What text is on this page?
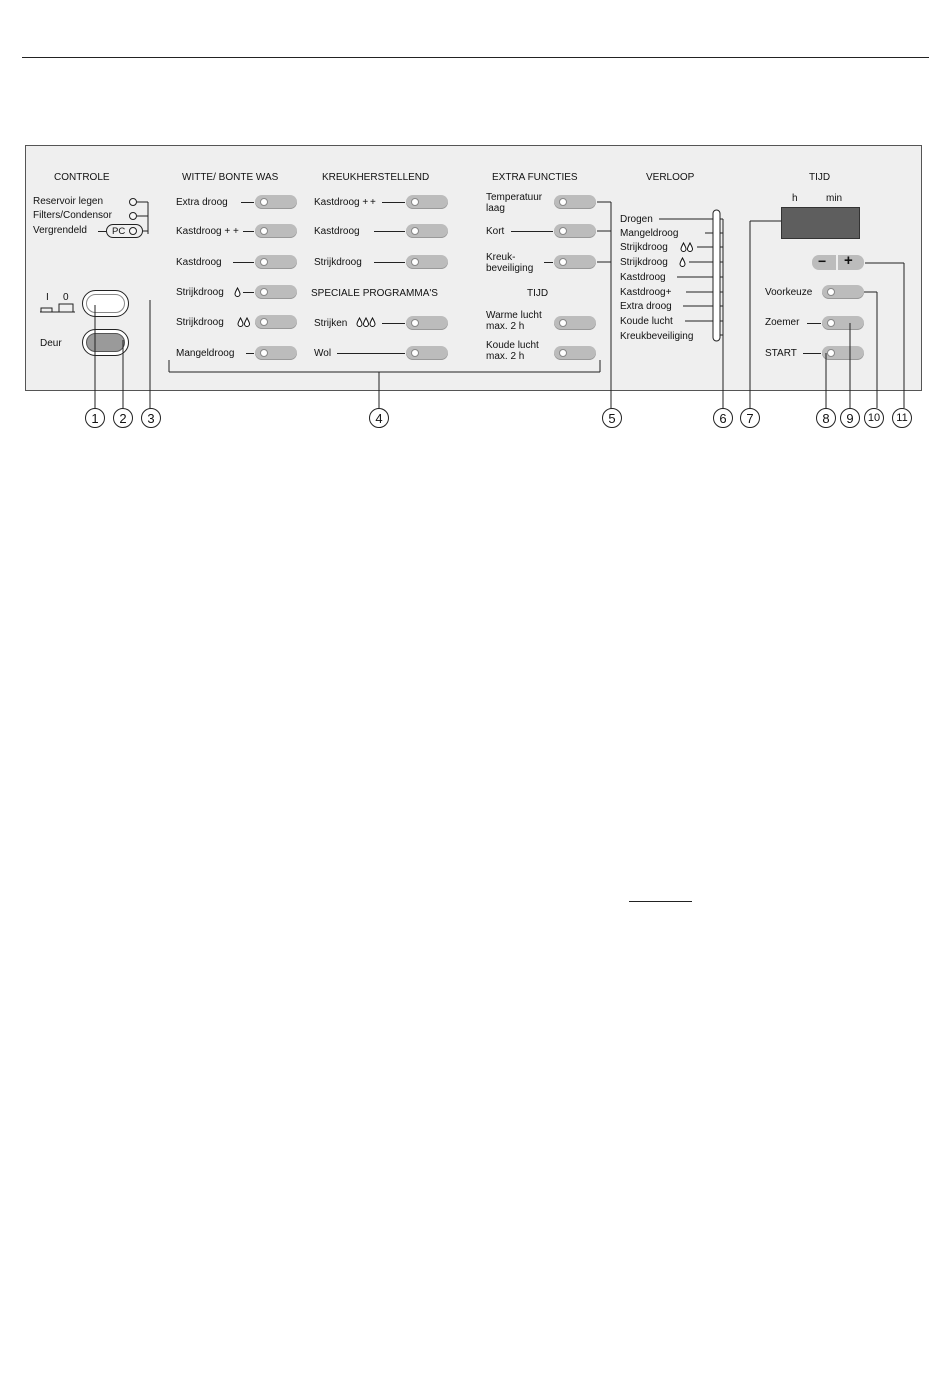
CONTROLE	WITTE/ BONTE WAS	KREUKHERSTELLEND	EXTRA FUNCTIES	VERLOOP	TIJD
SPECIALE PROGRAMMA'S	TIJD
Reservoir legen
Filters/Condensor
Vergrendeld	PC
I 0
Deur
Extra droog
Kastdroog + +
Kastdroog
Strijkdroog
Strijkdroog
Mangeldroog
Kastdroog + +
Kastdroog
Strijkdroog
Strijken
Wol
Temperatuur
laag
Kort
Kreuk-
beveiliging
Warme lucht
max. 2 h
Koude lucht
max. 2 h
Drogen
Mangeldroog
Strijkdroog
Strijkdroog
Kastdroog
Kastdroog+
Extra droog
Koude lucht
Kreukbeveiliging
h	min
− +
Voorkeuze
Zoemer
START
1	2	3	4	5	6	7	8	9	10	11
